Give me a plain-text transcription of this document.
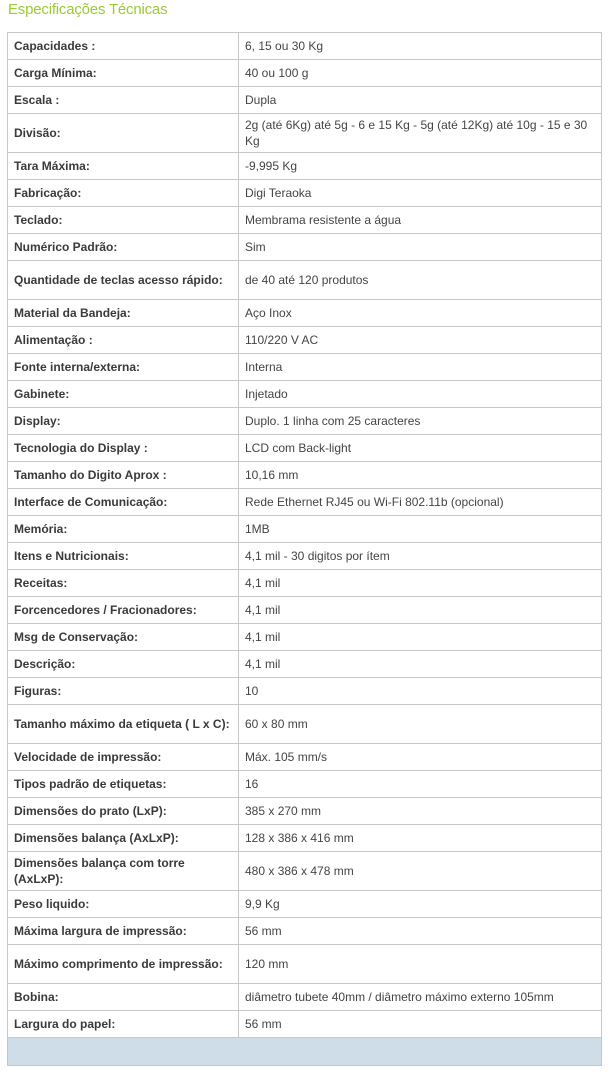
Especificações Técnicas
Capacidades :	6, 15 ou 30 Kg
Carga Mínima:	40 ou 100 g
Escala :	Dupla
Divisão:	2g (até 6Kg) até 5g - 6 e 15 Kg - 5g (até 12Kg) até 10g - 15 e 30 Kg
Tara Máxima:	-9,995 Kg
Fabricação:	Digi Teraoka
Teclado:	Membrama resistente a água
Numérico Padrão:	Sim
Quantidade de teclas acesso rápido:	de 40 até 120 produtos
Material da Bandeja:	Aço Inox
Alimentação :	110/220 V AC
Fonte interna/externa:	Interna
Gabinete:	Injetado
Display:	Duplo. 1 linha com 25 caracteres
Tecnologia do Display :	LCD com Back-light
Tamanho do Digito Aprox :	10,16 mm
Interface de Comunicação:	Rede Ethernet RJ45 ou Wi-Fi 802.11b (opcional)
Memória:	1MB
Itens e Nutricionais:	4,1 mil - 30 digitos por ítem
Receitas:	4,1 mil
Forcencedores / Fracionadores:	4,1 mil
Msg de Conservação:	4,1 mil
Descrição:	4,1 mil
Figuras:	10
Tamanho máximo da etiqueta ( L x C):	60 x 80 mm
Velocidade de impressão:	Máx. 105 mm/s
Tipos padrão de etiquetas:	16
Dimensões do prato (LxP):	385 x 270 mm
Dimensões balança (AxLxP):	128 x 386 x 416 mm
Dimensões balança com torre (AxLxP):	480 x 386 x 478 mm
Peso liquido:	9,9 Kg
Máxima largura de impressão:	56 mm
Máximo comprimento de impressão:	120 mm
Bobina:	diâmetro tubete 40mm / diâmetro máximo externo 105mm
Largura do papel:	56 mm
